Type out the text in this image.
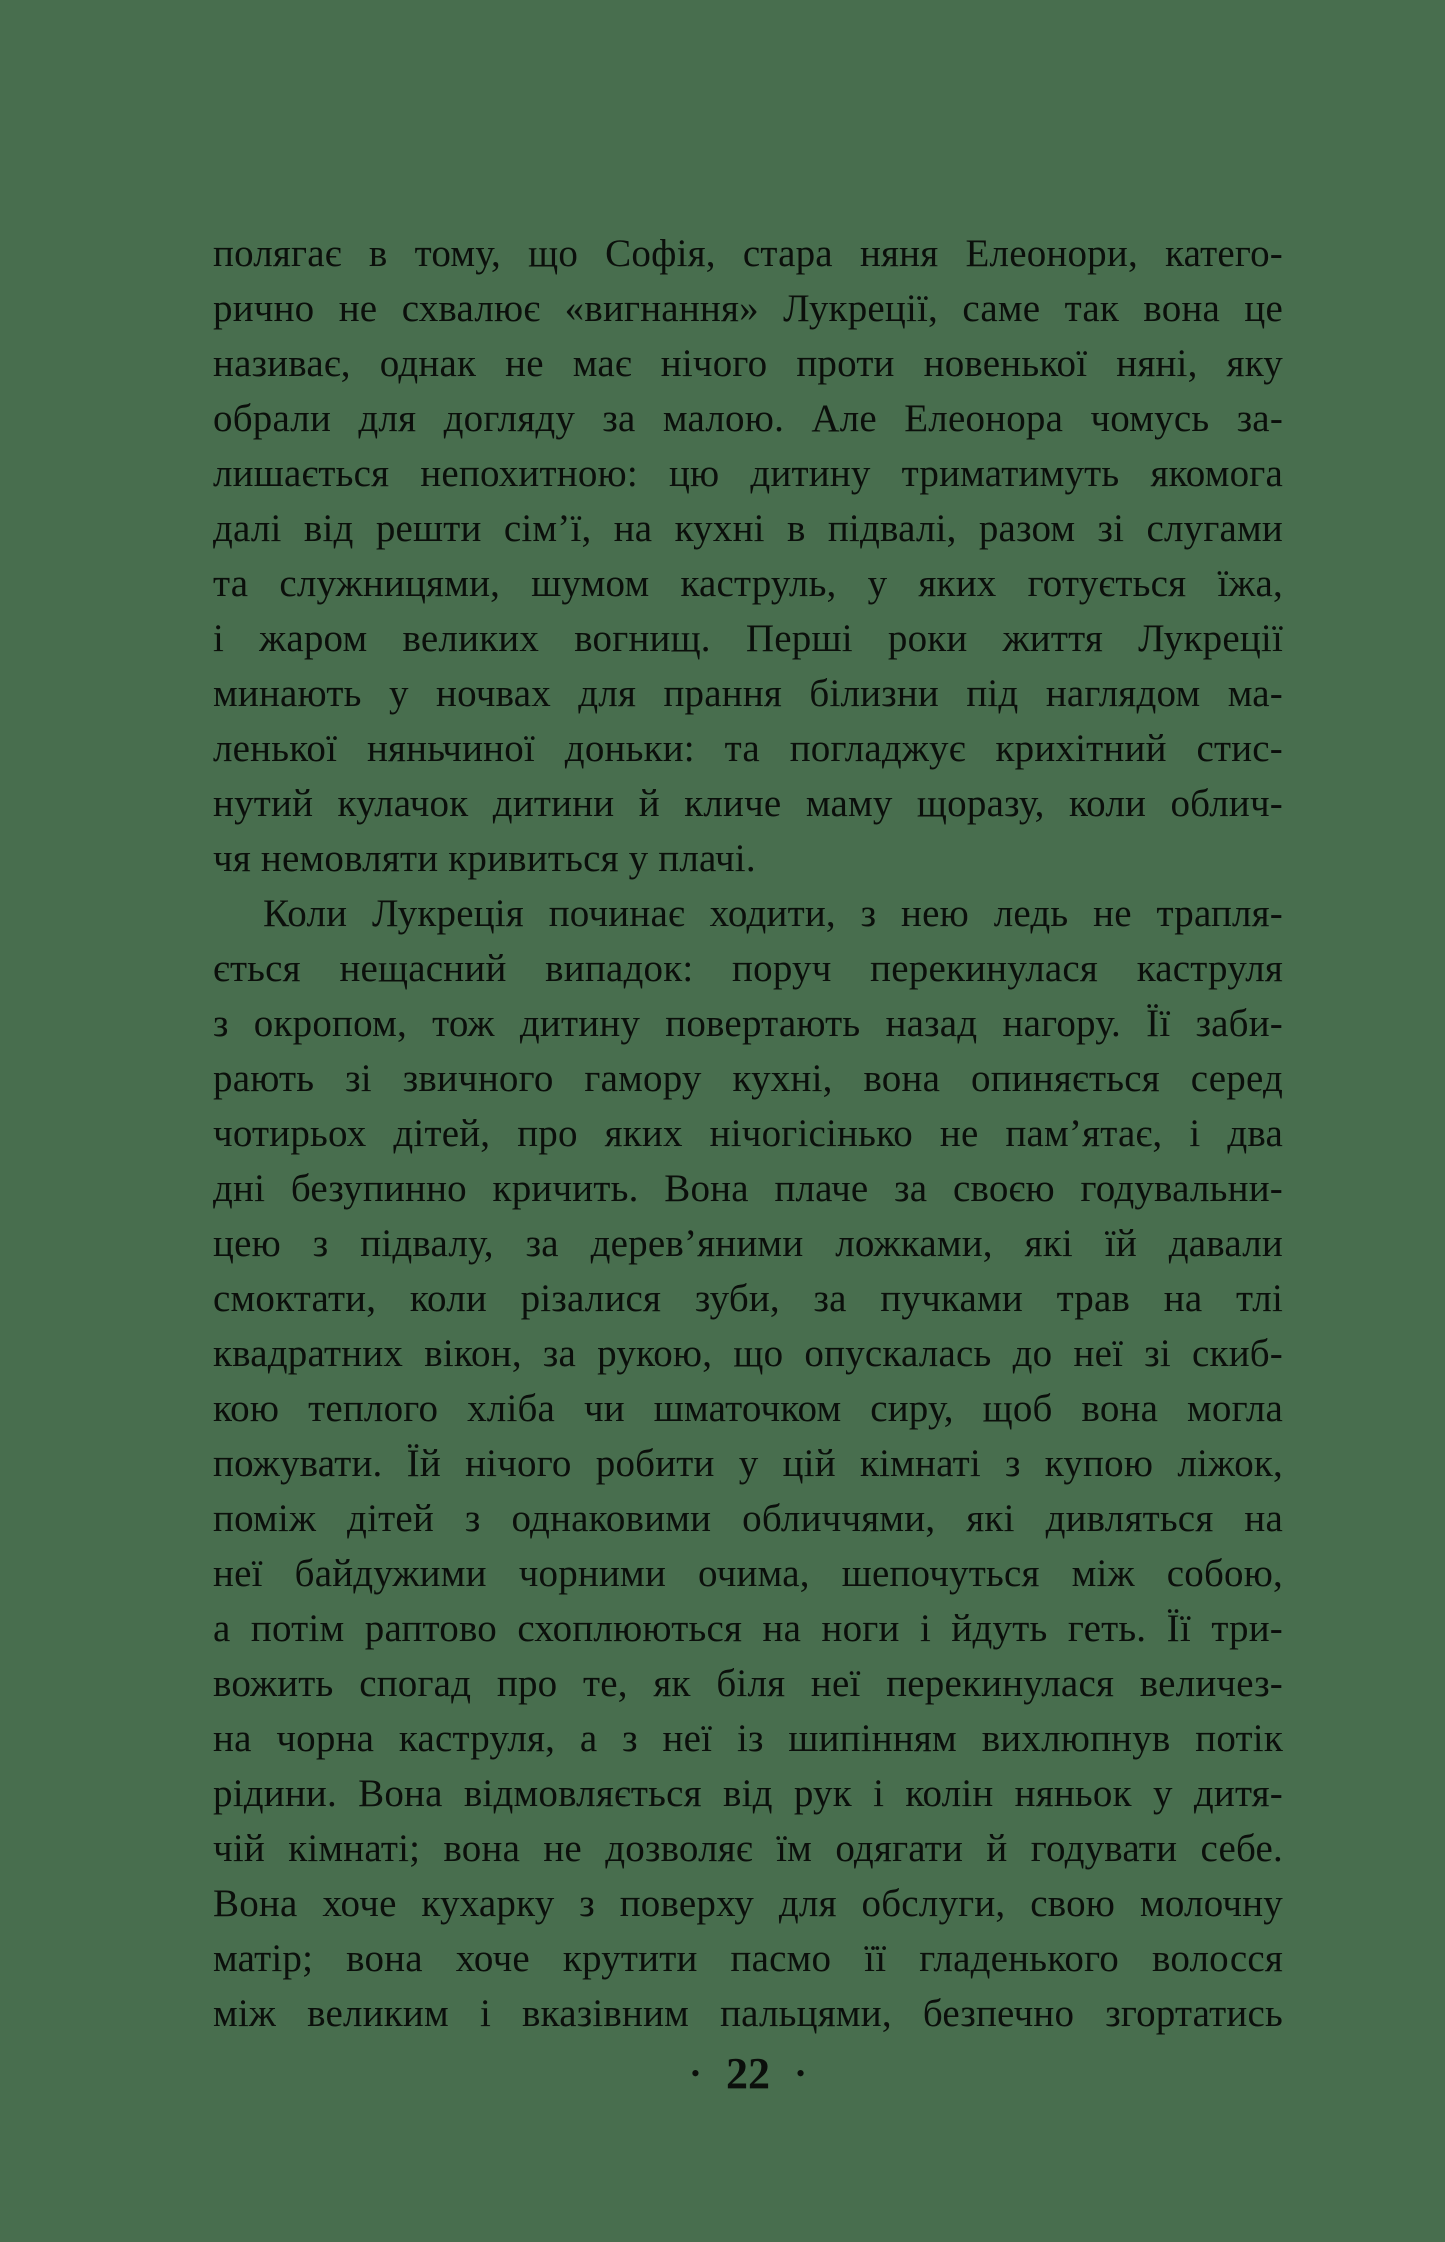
полягає в тому, що Софія, стара няня Елеонори, катего-
рично не схвалює «вигнання» Лукреції, саме так вона це
називає, однак не має нічого проти новенької няні, яку
обрали для догляду за малою. Але Елеонора чомусь за-
лишається непохитною: цю дитину триматимуть якомога
далі від решти сім’ї, на кухні в підвалі, разом зі слугами
та служницями, шумом каструль, у яких готується їжа,
і жаром великих вогнищ. Перші роки життя Лукреції
минають у ночвах для прання білизни під наглядом ма-
ленької няньчиної доньки: та погладжує крихітний стис-
нутий кулачок дитини й кличе маму щоразу, коли облич-
чя немовляти кривиться у плачі.
Коли Лукреція починає ходити, з нею ледь не трапля-
ється нещасний випадок: поруч перекинулася каструля
з окропом, тож дитину повертають назад нагору. Її заби-
рають зі звичного гамору кухні, вона опиняється серед
чотирьох дітей, про яких нічогісінько не пам’ятає, і два
дні безупинно кричить. Вона плаче за своєю годувальни-
цею з підвалу, за дерев’яними ложками, які їй давали
смоктати, коли різалися зуби, за пучками трав на тлі
квадратних вікон, за рукою, що опускалась до неї зі скиб-
кою теплого хліба чи шматочком сиру, щоб вона могла
пожувати. Їй нічого робити у цій кімнаті з купою ліжок,
поміж дітей з однаковими обличчями, які дивляться на
неї байдужими чорними очима, шепочуться між собою,
а потім раптово схоплюються на ноги і йдуть геть. Її три-
вожить спогад про те, як біля неї перекинулася величез-
на чорна каструля, а з неї із шипінням вихлюпнув потік
рідини. Вона відмовляється від рук і колін няньок у дитя-
чій кімнаті; вона не дозволяє їм одягати й годувати себе.
Вона хоче кухарку з поверху для обслуги, свою молочну
матір; вона хоче крутити пасмо її гладенького волосся
між великим і вказівним пальцями, безпечно згортатись
• 22 •
